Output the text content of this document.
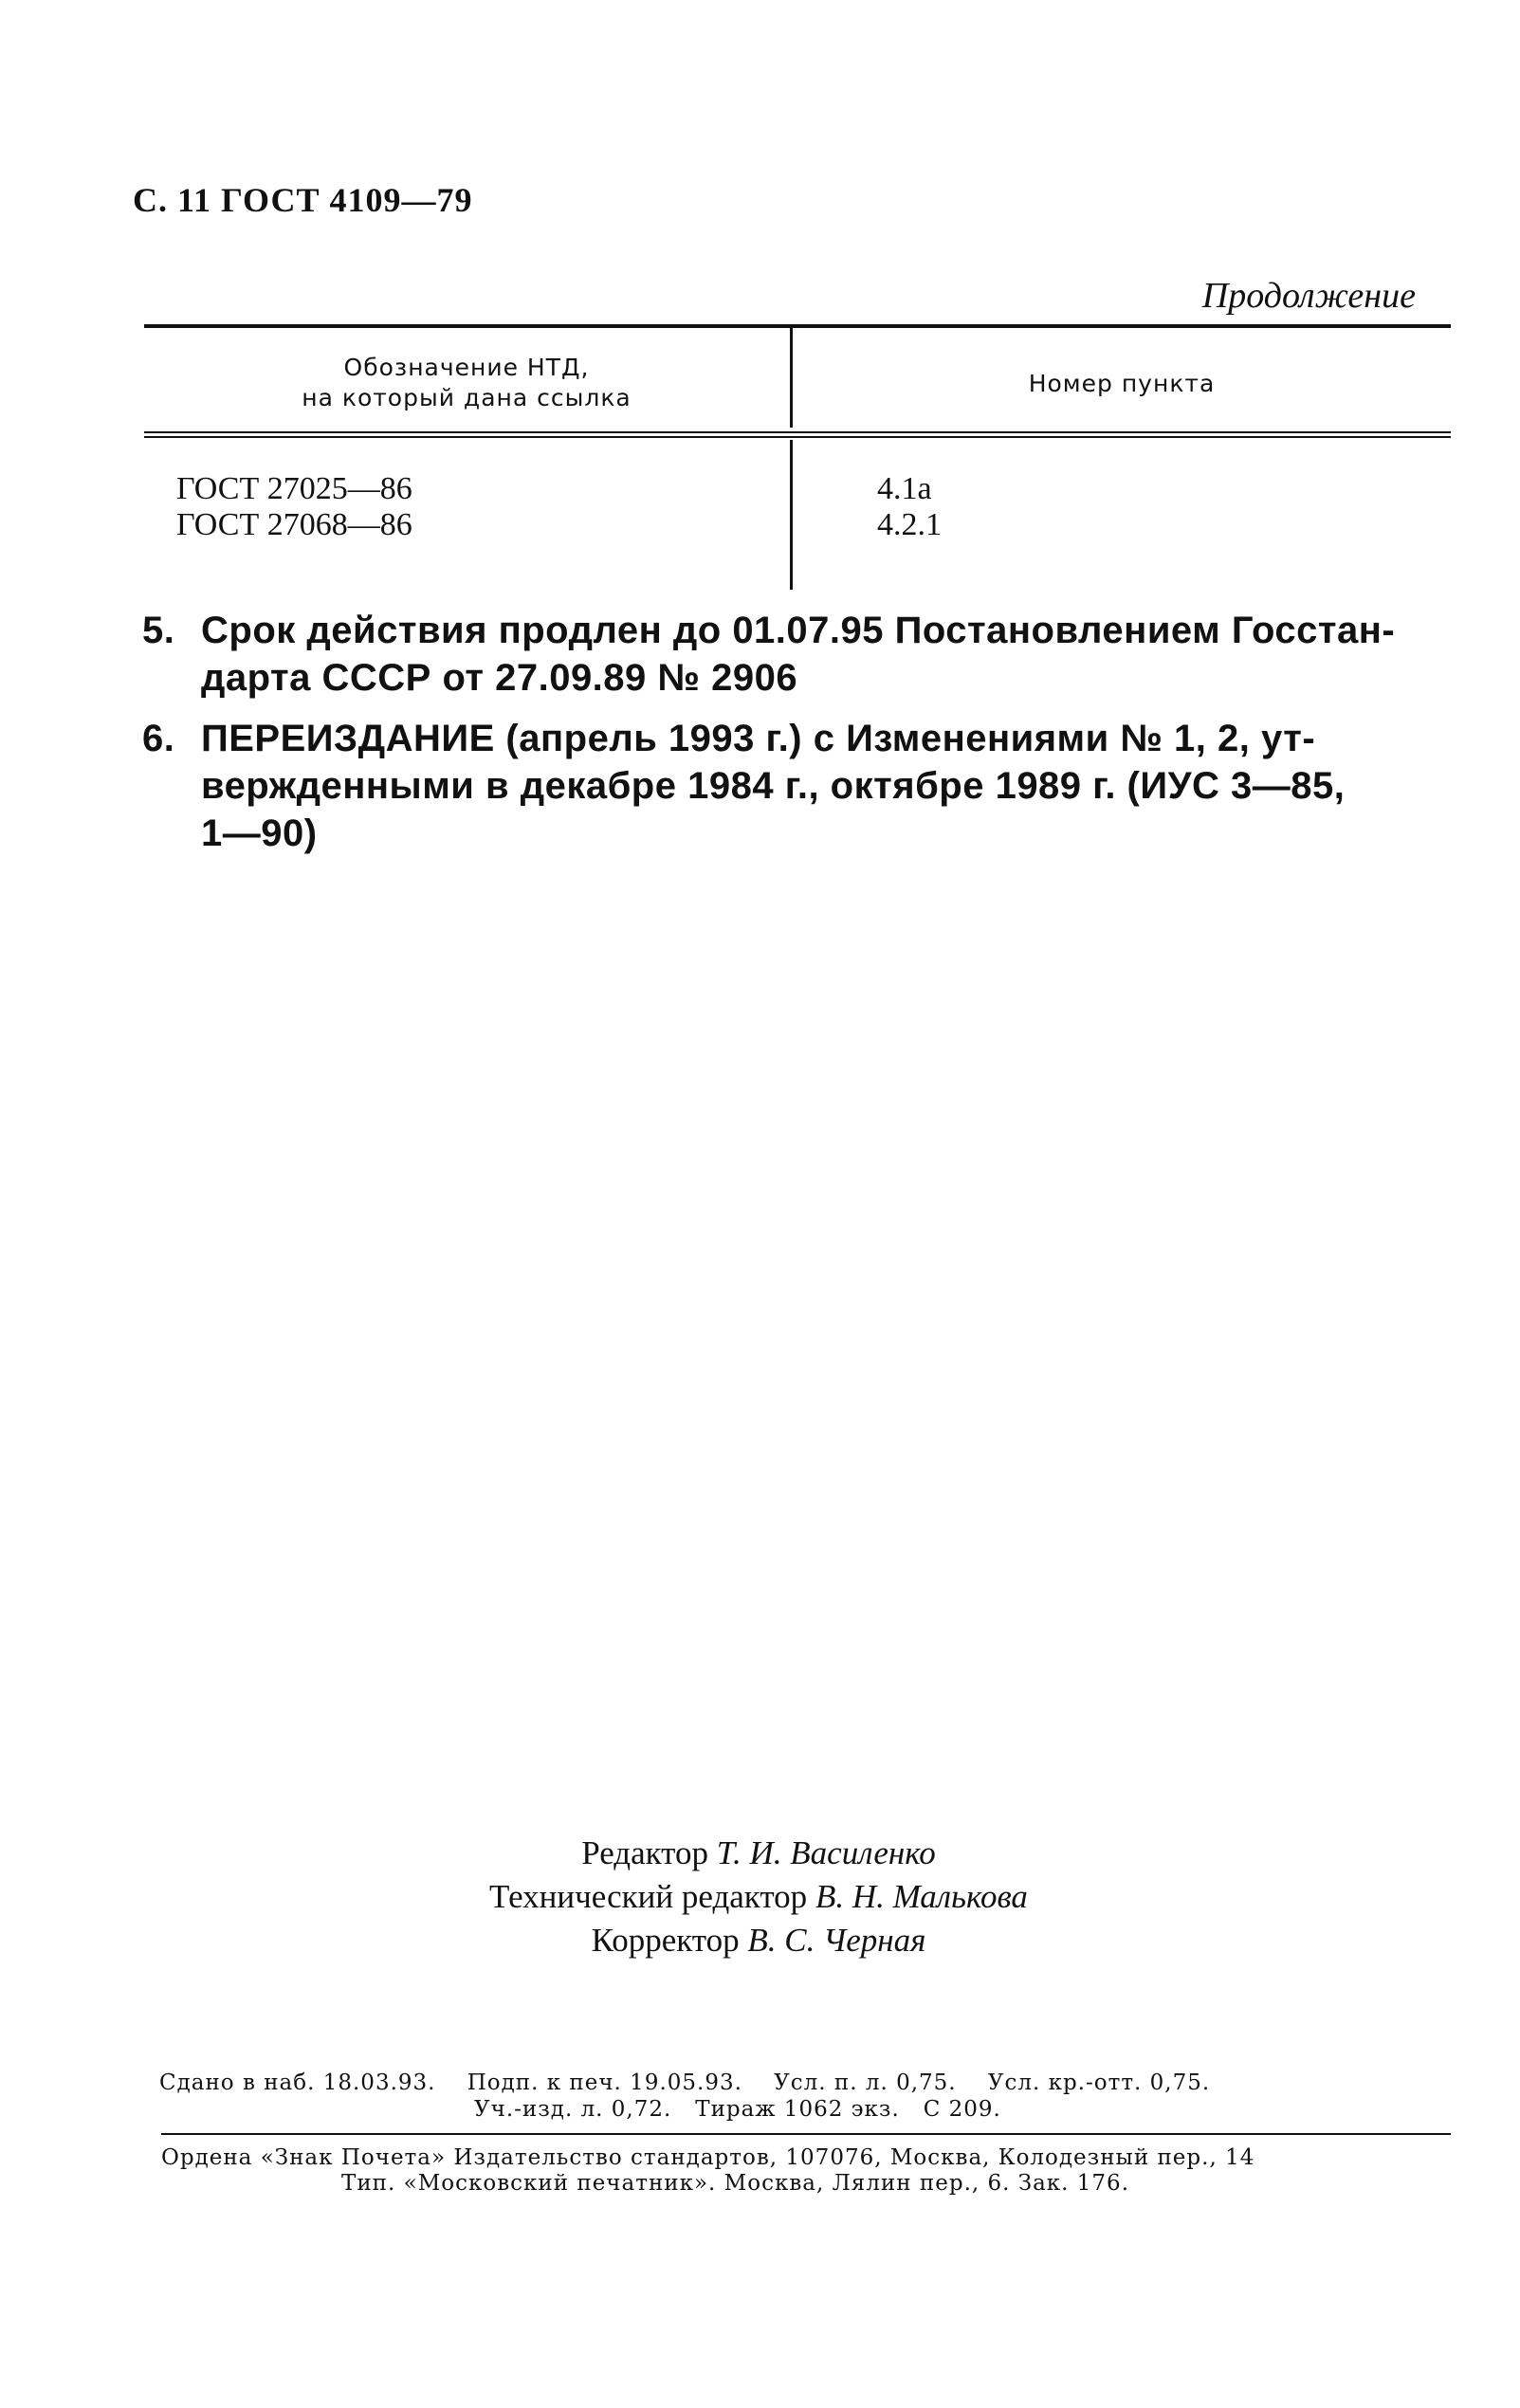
С. 11 ГОСТ 4109—79
Продолжение
Обозначение НТД,
на который дана ссылка
Номер пункта
ГОСТ 27025—86
ГОСТ 27068—86
4.1а
4.2.1
5. Срок действия продлен до 01.07.95 Постановлением Госстан-
дарта СССР от 27.09.89 № 2906
6. ПЕРЕИЗДАНИЕ (апрель 1993 г.) с Изменениями № 1, 2, ут-
вержденными в декабре 1984 г., октябре 1989 г. (ИУС 3—85,
1—90)
Редактор Т. И. Василенко
Технический редактор В. Н. Малькова
Корректор В. С. Черная
Сдано в наб. 18.03.93.    Подп. к печ. 19.05.93.    Усл. п. л. 0,75.    Усл. кр.-отт. 0,75.
Уч.-изд. л. 0,72.   Тираж 1062 экз.   С 209.
Ордена «Знак Почета» Издательство стандартов, 107076, Москва, Колодезный пер., 14
Тип. «Московский печатник». Москва, Лялин пер., 6. Зак. 176.
